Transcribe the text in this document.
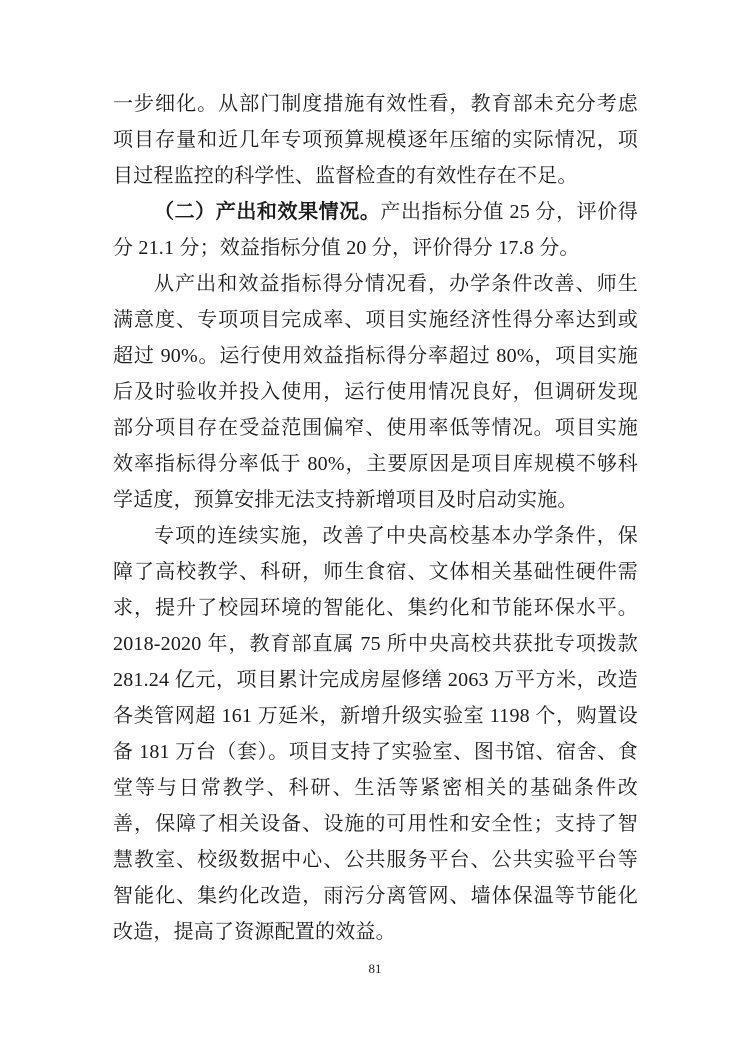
一步细化。从部门制度措施有效性看，教育部未充分考虑项目存量和近几年专项预算规模逐年压缩的实际情况，项目过程监控的科学性、监督检查的有效性存在不足。

（二）产出和效果情况。产出指标分值 25 分，评价得分 21.1 分；效益指标分值 20 分，评价得分 17.8 分。

从产出和效益指标得分情况看，办学条件改善、师生满意度、专项项目完成率、项目实施经济性得分率达到或超过 90%。运行使用效益指标得分率超过 80%，项目实施后及时验收并投入使用，运行使用情况良好，但调研发现部分项目存在受益范围偏窄、使用率低等情况。项目实施效率指标得分率低于 80%，主要原因是项目库规模不够科学适度，预算安排无法支持新增项目及时启动实施。

专项的连续实施，改善了中央高校基本办学条件，保障了高校教学、科研，师生食宿、文体相关基础性硬件需求，提升了校园环境的智能化、集约化和节能环保水平。2018-2020 年，教育部直属 75 所中央高校共获批专项拨款 281.24 亿元，项目累计完成房屋修缮 2063 万平方米，改造各类管网超 161 万延米，新增升级实验室 1198 个，购置设备 181 万台（套）。项目支持了实验室、图书馆、宿舍、食堂等与日常教学、科研、生活等紧密相关的基础条件改善，保障了相关设备、设施的可用性和安全性；支持了智慧教室、校级数据中心、公共服务平台、公共实验平台等智能化、集约化改造，雨污分离管网、墙体保温等节能化改造，提高了资源配置的效益。

81
